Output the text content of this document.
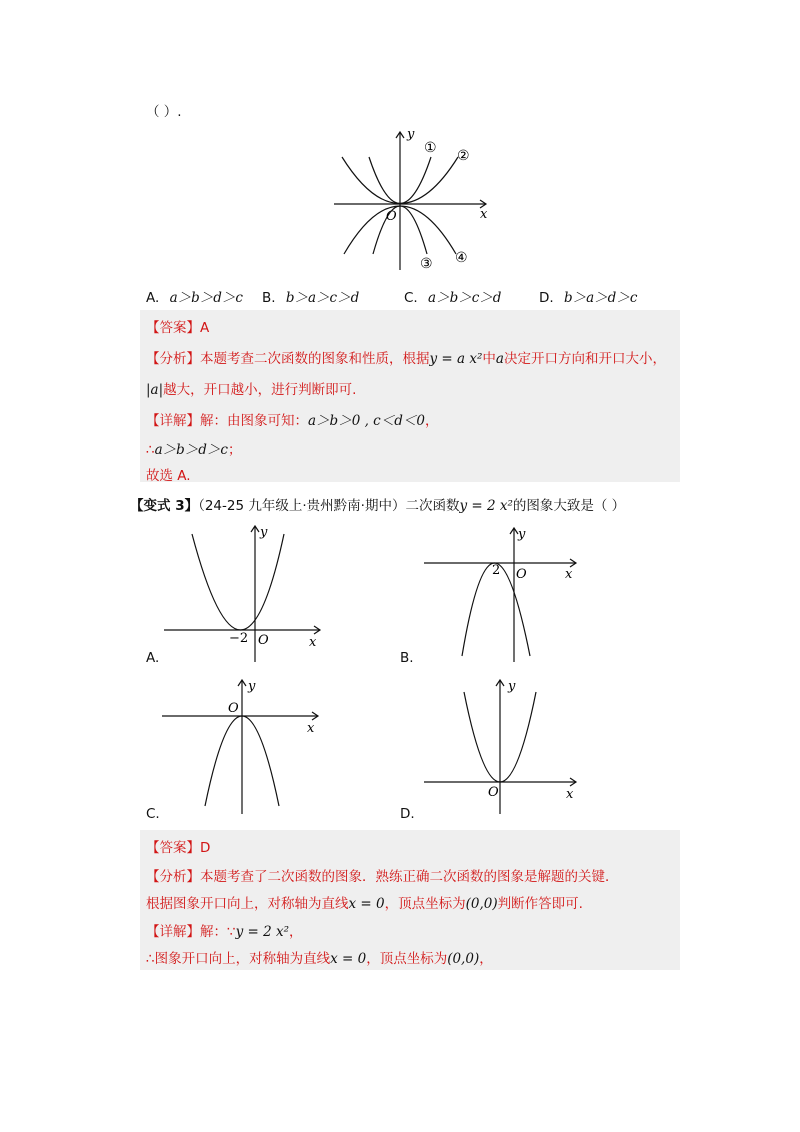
（ ）.
y
x
O
① ②
③ ④
A. a＞b＞d＞c B. b＞a＞c＞d	C. a＞b＞c＞d	D. b＞a＞d＞c
【答案】A
【分析】本题考查二次函数的图象和性质，根据y = a x²中a决定开口方向和开口大小，
|a|越大，开口越小，进行判断即可.
【详解】解：由图象可知：a＞b＞0 , c＜d＜0，
∴a＞b＞d＞c；
故选 A.
【变式 3】（24-25 九年级上·贵州黔南·期中）二次函数y = 2 x²的图象大致是（ ）
y
x
O
−2
A.
y
x
O
2
B.
y
x
O
C.
y
x
O
D.
【答案】D
【分析】本题考查了二次函数的图象．熟练正确二次函数的图象是解题的关键．
根据图象开口向上，对称轴为直线x = 0，顶点坐标为(0,0)判断作答即可.
【详解】解：∵y = 2 x²，
∴图象开口向上，对称轴为直线x = 0，顶点坐标为(0,0)，
